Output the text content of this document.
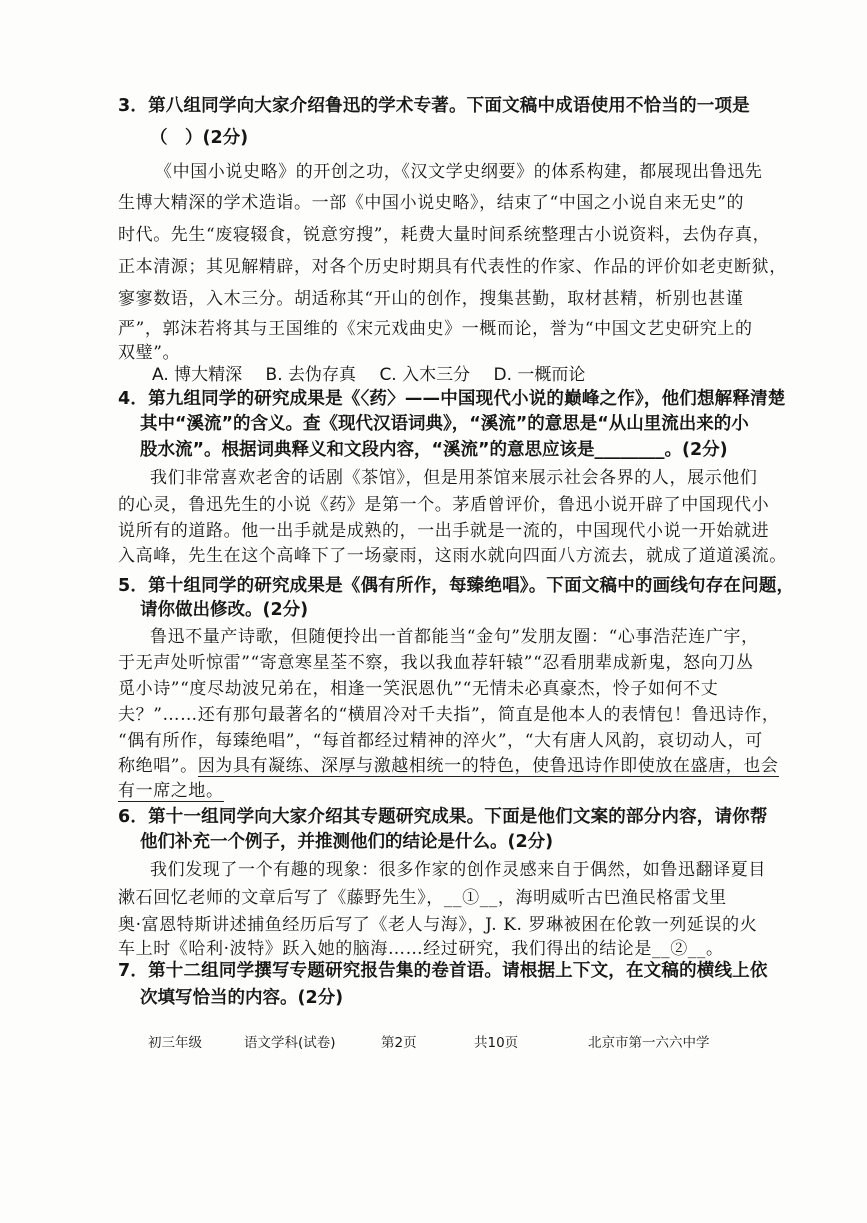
3．第八组同学向大家介绍鲁迅的学术专著。下面文稿中成语使用不恰当的一项是
（　）(2分)
《中国小说史略》的开创之功，《汉文学史纲要》的体系构建，都展现出鲁迅先
生博大精深的学术造诣。一部《中国小说史略》，结束了“中国之小说自来无史”的
时代。先生“废寝辍食，锐意穷搜”，耗费大量时间系统整理古小说资料，去伪存真，
正本清源；其见解精辟，对各个历史时期具有代表性的作家、作品的评价如老吏断狱，
寥寥数语，入木三分。胡适称其“开山的创作，搜集甚勤，取材甚精，析别也甚谨
严”，郭沫若将其与王国维的《宋元戏曲史》一概而论，誉为“中国文艺史研究上的
双璧”。
A. 博大精深 B. 去伪存真 C. 入木三分 D. 一概而论
4．第九组同学的研究成果是《〈药〉——中国现代小说的巅峰之作》，他们想解释清楚
其中“溪流”的含义。查《现代汉语词典》，“溪流”的意思是“从山里流出来的小
股水流”。根据词典释义和文段内容，“溪流”的意思应该是________。(2分)
我们非常喜欢老舍的话剧《茶馆》，但是用茶馆来展示社会各界的人，展示他们
的心灵，鲁迅先生的小说《药》是第一个。茅盾曾评价，鲁迅小说开辟了中国现代小
说所有的道路。他一出手就是成熟的，一出手就是一流的，中国现代小说一开始就进
入高峰，先生在这个高峰下了一场豪雨，这雨水就向四面八方流去，就成了道道溪流。
5．第十组同学的研究成果是《偶有所作，每臻绝唱》。下面文稿中的画线句存在问题，
请你做出修改。(2分)
鲁迅不量产诗歌，但随便拎出一首都能当“金句”发朋友圈：“心事浩茫连广宇，
于无声处听惊雷”“寄意寒星荃不察，我以我血荐轩辕”“忍看朋辈成新鬼，怒向刀丛
觅小诗”“度尽劫波兄弟在，相逢一笑泯恩仇”“无情未必真豪杰，怜子如何不丈
夫？”……还有那句最著名的“横眉冷对千夫指”，简直是他本人的表情包！鲁迅诗作，
“偶有所作，每臻绝唱”，“每首都经过精神的淬火”，“大有唐人风韵，哀切动人，可
称绝唱”。因为具有凝练、深厚与激越相统一的特色，使鲁迅诗作即使放在盛唐，也会
有一席之地。
6．第十一组同学向大家介绍其专题研究成果。下面是他们文案的部分内容，请你帮
他们补充一个例子，并推测他们的结论是什么。(2分)
我们发现了一个有趣的现象：很多作家的创作灵感来自于偶然，如鲁迅翻译夏目
漱石回忆老师的文章后写了《藤野先生》，__①__，海明威听古巴渔民格雷戈里
奥·富恩特斯讲述捕鱼经历后写了《老人与海》，J. K. 罗琳被困在伦敦一列延误的火
车上时《哈利·波特》跃入她的脑海……经过研究，我们得出的结论是__②__。
7．第十二组同学撰写专题研究报告集的卷首语。请根据上下文，在文稿的横线上依
次填写恰当的内容。(2分)
初三年级	语文学科(试卷)	第2页	共10页	北京市第一六六中学
